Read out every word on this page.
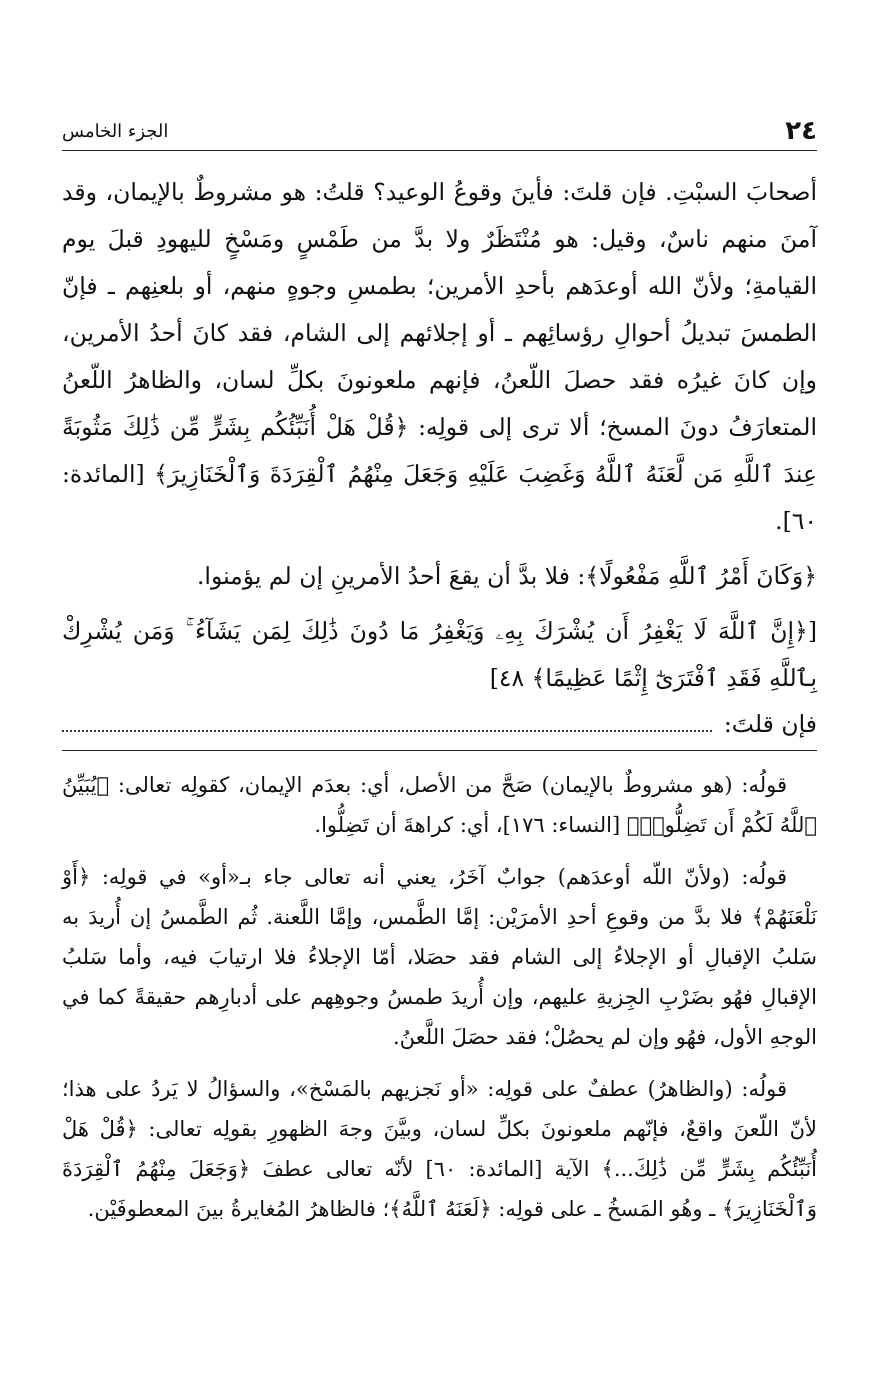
٢٤
الجزء الخامس

أصحابَ السبْتِ. فإن قلتَ: فأينَ وقوعُ الوعيد؟ قلتُ: هو مشروطٌ بالإيمان، وقد آمنَ منهم ناسٌ، وقيل: هو مُنْتَظَرٌ ولا بدَّ من طَمْسٍ ومَسْخٍ لليهودِ قبلَ يوم القيامةِ؛ ولأنّ الله أوعدَهم بأحدِ الأمرين؛ بطمسِ وجوهٍ منهم، أو بلعنِهم ـ فإنّ الطمسَ تبديلُ أحوالِ رؤسائِهم ـ أو إجلائهم إلى الشام، فقد كانَ أحدُ الأمرين، وإن كانَ غيرُه فقد حصلَ اللّعنُ، فإنهم ملعونونَ بكلِّ لسان، والظاهرُ اللّعنُ المتعارَفُ دونَ المسخ؛ ألا ترى إلى قولِه: ﴿قُلْ هَلْ أُنَبِّئُكُم بِشَرٍّ مِّن ذَٰلِكَ مَثُوبَةً عِندَ ٱللَّهِ مَن لَّعَنَهُ ٱللَّهُ وَغَضِبَ عَلَيْهِ وَجَعَلَ مِنْهُمُ ٱلْقِرَدَةَ وَٱلْخَنَازِيرَ﴾ [المائدة: ٦٠].

﴿وَكَانَ أَمْرُ ٱللَّهِ مَفْعُولًا﴾: فلا بدَّ أن يقعَ أحدُ الأمرينِ إن لم يؤمنوا.

[﴿إِنَّ ٱللَّهَ لَا يَغْفِرُ أَن يُشْرَكَ بِهِۦ وَيَغْفِرُ مَا دُونَ ذَٰلِكَ لِمَن يَشَآءُ ۚ وَمَن يُشْرِكْ بِٱللَّهِ فَقَدِ ٱفْتَرَىٰٓ إِثْمًا عَظِيمًا﴾ ٤٨]

فإن قلتَ:

قولُه: (هو مشروطٌ بالإيمان) صَحَّ من الأصل، أي: بعدَم الإيمان، كقولِه تعالى: ﴿يُبَيِّنُ ٱللَّهُ لَكُمْ أَن تَضِلُّوا۟﴾ [النساء: ١٧٦]، أي: كراهةَ أن تَضِلُّوا.

قولُه: (ولأنّ اللّه أوعدَهم) جوابٌ آخَرُ، يعني أنه تعالى جاء بـ«أو» في قولِه: ﴿أَوْ نَلْعَنَهُمْ﴾ فلا بدَّ من وقوعِ أحدِ الأمرَيْن: إمَّا الطَّمس، وإمَّا اللَّعنة. ثُم الطَّمسُ إن أُريدَ به سَلبُ الإقبالِ أو الإجلاءُ إلى الشام فقد حصَلا، أمّا الإجلاءُ فلا ارتيابَ فيه، وأما سَلبُ الإقبالِ فهُو بضَرْبِ الجِزيةِ عليهم، وإن أُريدَ طمسُ وجوهِهم على أدبارِهم حقيقةً كما في الوجهِ الأول، فهُو وإن لم يحصُلْ؛ فقد حصَلَ اللَّعنُ.

قولُه: (والظاهرُ) عطفٌ على قولِه: «أو نَجزيهم بالمَسْخ»، والسؤالُ لا يَردُ على هذا؛ لأنّ اللّعنَ واقعٌ، فإنّهم ملعونونَ بكلِّ لسان، وبيَّنَ وجهَ الظهورِ بقولِه تعالى: ﴿قُلْ هَلْ أُنَبِّئُكُم بِشَرٍّ مِّن ذَٰلِكَ...﴾ الآية [المائدة: ٦٠] لأنّه تعالى عطفَ ﴿وَجَعَلَ مِنْهُمُ ٱلْقِرَدَةَ وَٱلْخَنَازِيرَ﴾ ـ وهُو المَسخُ ـ على قولِه: ﴿لَعَنَهُ ٱللَّهُ﴾؛ فالظاهرُ المُغايرةُ بينَ المعطوفَيْن.
